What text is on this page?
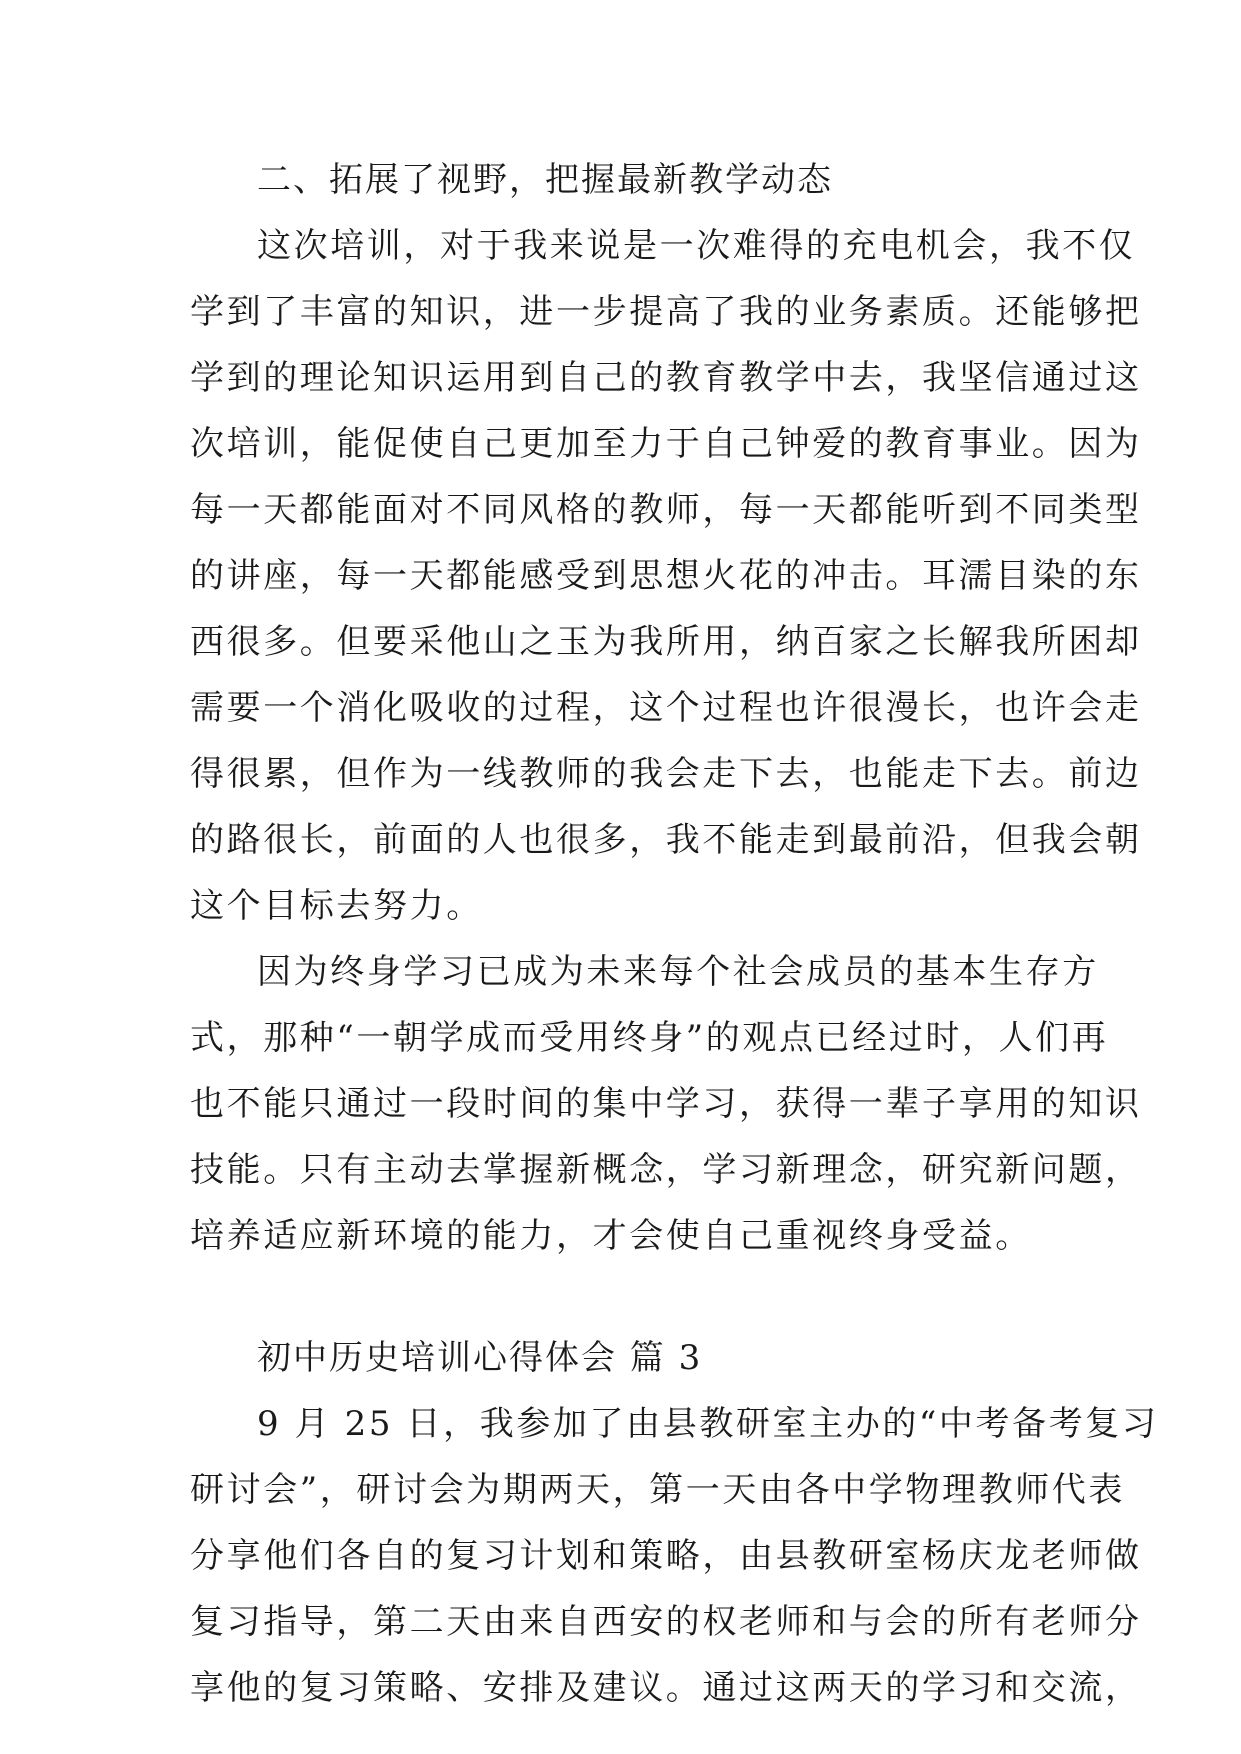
二、拓展了视野，把握最新教学动态
这次培训，对于我来说是一次难得的充电机会，我不仅
学到了丰富的知识，进一步提高了我的业务素质。还能够把
学到的理论知识运用到自己的教育教学中去，我坚信通过这
次培训，能促使自己更加至力于自己钟爱的教育事业。因为
每一天都能面对不同风格的教师，每一天都能听到不同类型
的讲座，每一天都能感受到思想火花的冲击。耳濡目染的东
西很多。但要采他山之玉为我所用，纳百家之长解我所困却
需要一个消化吸收的过程，这个过程也许很漫长，也许会走
得很累，但作为一线教师的我会走下去，也能走下去。前边
的路很长，前面的人也很多，我不能走到最前沿，但我会朝
这个目标去努力。
因为终身学习已成为未来每个社会成员的基本生存方
式，那种“一朝学成而受用终身”的观点已经过时，人们再
也不能只通过一段时间的集中学习，获得一辈子享用的知识
技能。只有主动去掌握新概念，学习新理念，研究新问题，
培养适应新环境的能力，才会使自己重视终身受益。
初中历史培训心得体会 篇 3
9 月 25 日，我参加了由县教研室主办的“中考备考复习
研讨会”，研讨会为期两天，第一天由各中学物理教师代表
分享他们各自的复习计划和策略，由县教研室杨庆龙老师做
复习指导，第二天由来自西安的权老师和与会的所有老师分
享他的复习策略、安排及建议。通过这两天的学习和交流，
